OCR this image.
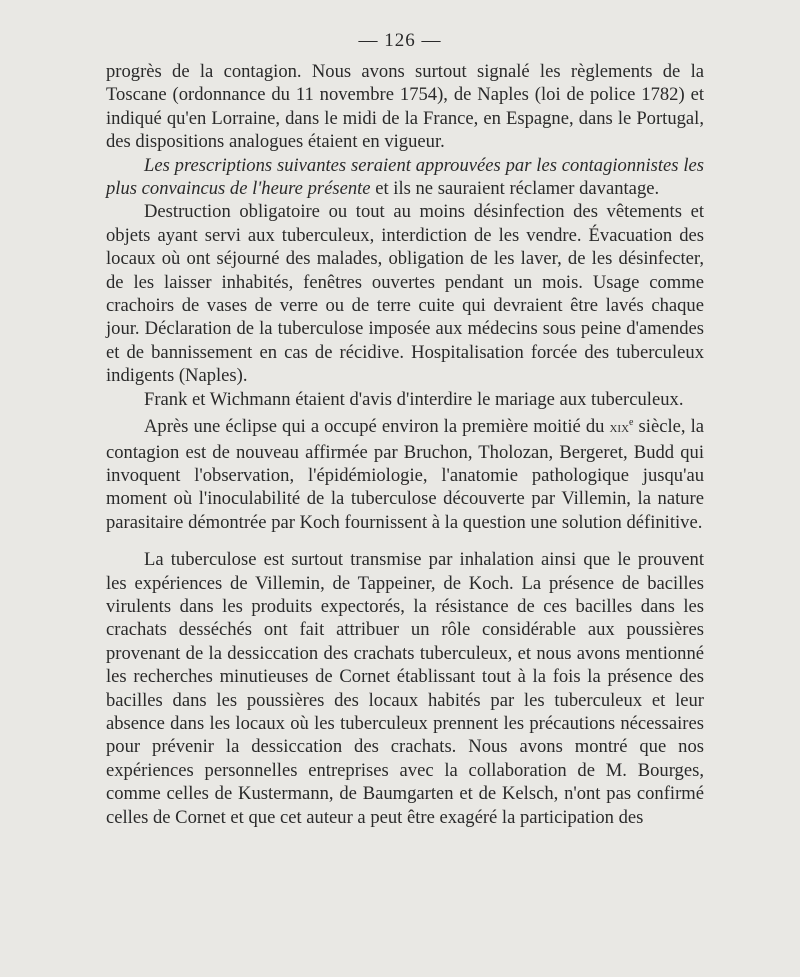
— 126 —

progrès de la contagion. Nous avons surtout signalé les règlements de la Toscane (ordonnance du 11 novembre 1754), de Naples (loi de police 1782) et indiqué qu'en Lorraine, dans le midi de la France, en Espagne, dans le Portugal, des dispositions analogues étaient en vigueur.

Les prescriptions suivantes seraient approuvées par les contagionnistes les plus convaincus de l'heure présente et ils ne sauraient réclamer davantage.

Destruction obligatoire ou tout au moins désinfection des vêtements et objets ayant servi aux tuberculeux, interdiction de les vendre. Évacuation des locaux où ont séjourné des malades, obligation de les laver, de les désinfecter, de les laisser inhabités, fenêtres ouvertes pendant un mois. Usage comme crachoirs de vases de verre ou de terre cuite qui devraient être lavés chaque jour. Déclaration de la tuberculose imposée aux médecins sous peine d'amendes et de bannissement en cas de récidive. Hospitalisation forcée des tuberculeux indigents (Naples).

Frank et Wichmann étaient d'avis d'interdire le mariage aux tuberculeux.

Après une éclipse qui a occupé environ la première moitié du xix$^e$ siècle, la contagion est de nouveau affirmée par Bruchon, Tholozan, Bergeret, Budd qui invoquent l'observation, l'épidémiologie, l'anatomie pathologique jusqu'au moment où l'inoculabilité de la tuberculose découverte par Villemin, la nature parasitaire démontrée par Koch fournissent à la question une solution définitive.

La tuberculose est surtout transmise par inhalation ainsi que le prouvent les expériences de Villemin, de Tappeiner, de Koch. La présence de bacilles virulents dans les produits expectorés, la résistance de ces bacilles dans les crachats desséchés ont fait attribuer un rôle considérable aux poussières provenant de la dessiccation des crachats tuberculeux, et nous avons mentionné les recherches minutieuses de Cornet établissant tout à la fois la présence des bacilles dans les poussières des locaux habités par les tuberculeux et leur absence dans les locaux où les tuberculeux prennent les précautions nécessaires pour prévenir la dessiccation des crachats. Nous avons montré que nos expériences personnelles entreprises avec la collaboration de M. Bourges, comme celles de Kustermann, de Baumgarten et de Kelsch, n'ont pas confirmé celles de Cornet et que cet auteur a peut être exagéré la participation des
